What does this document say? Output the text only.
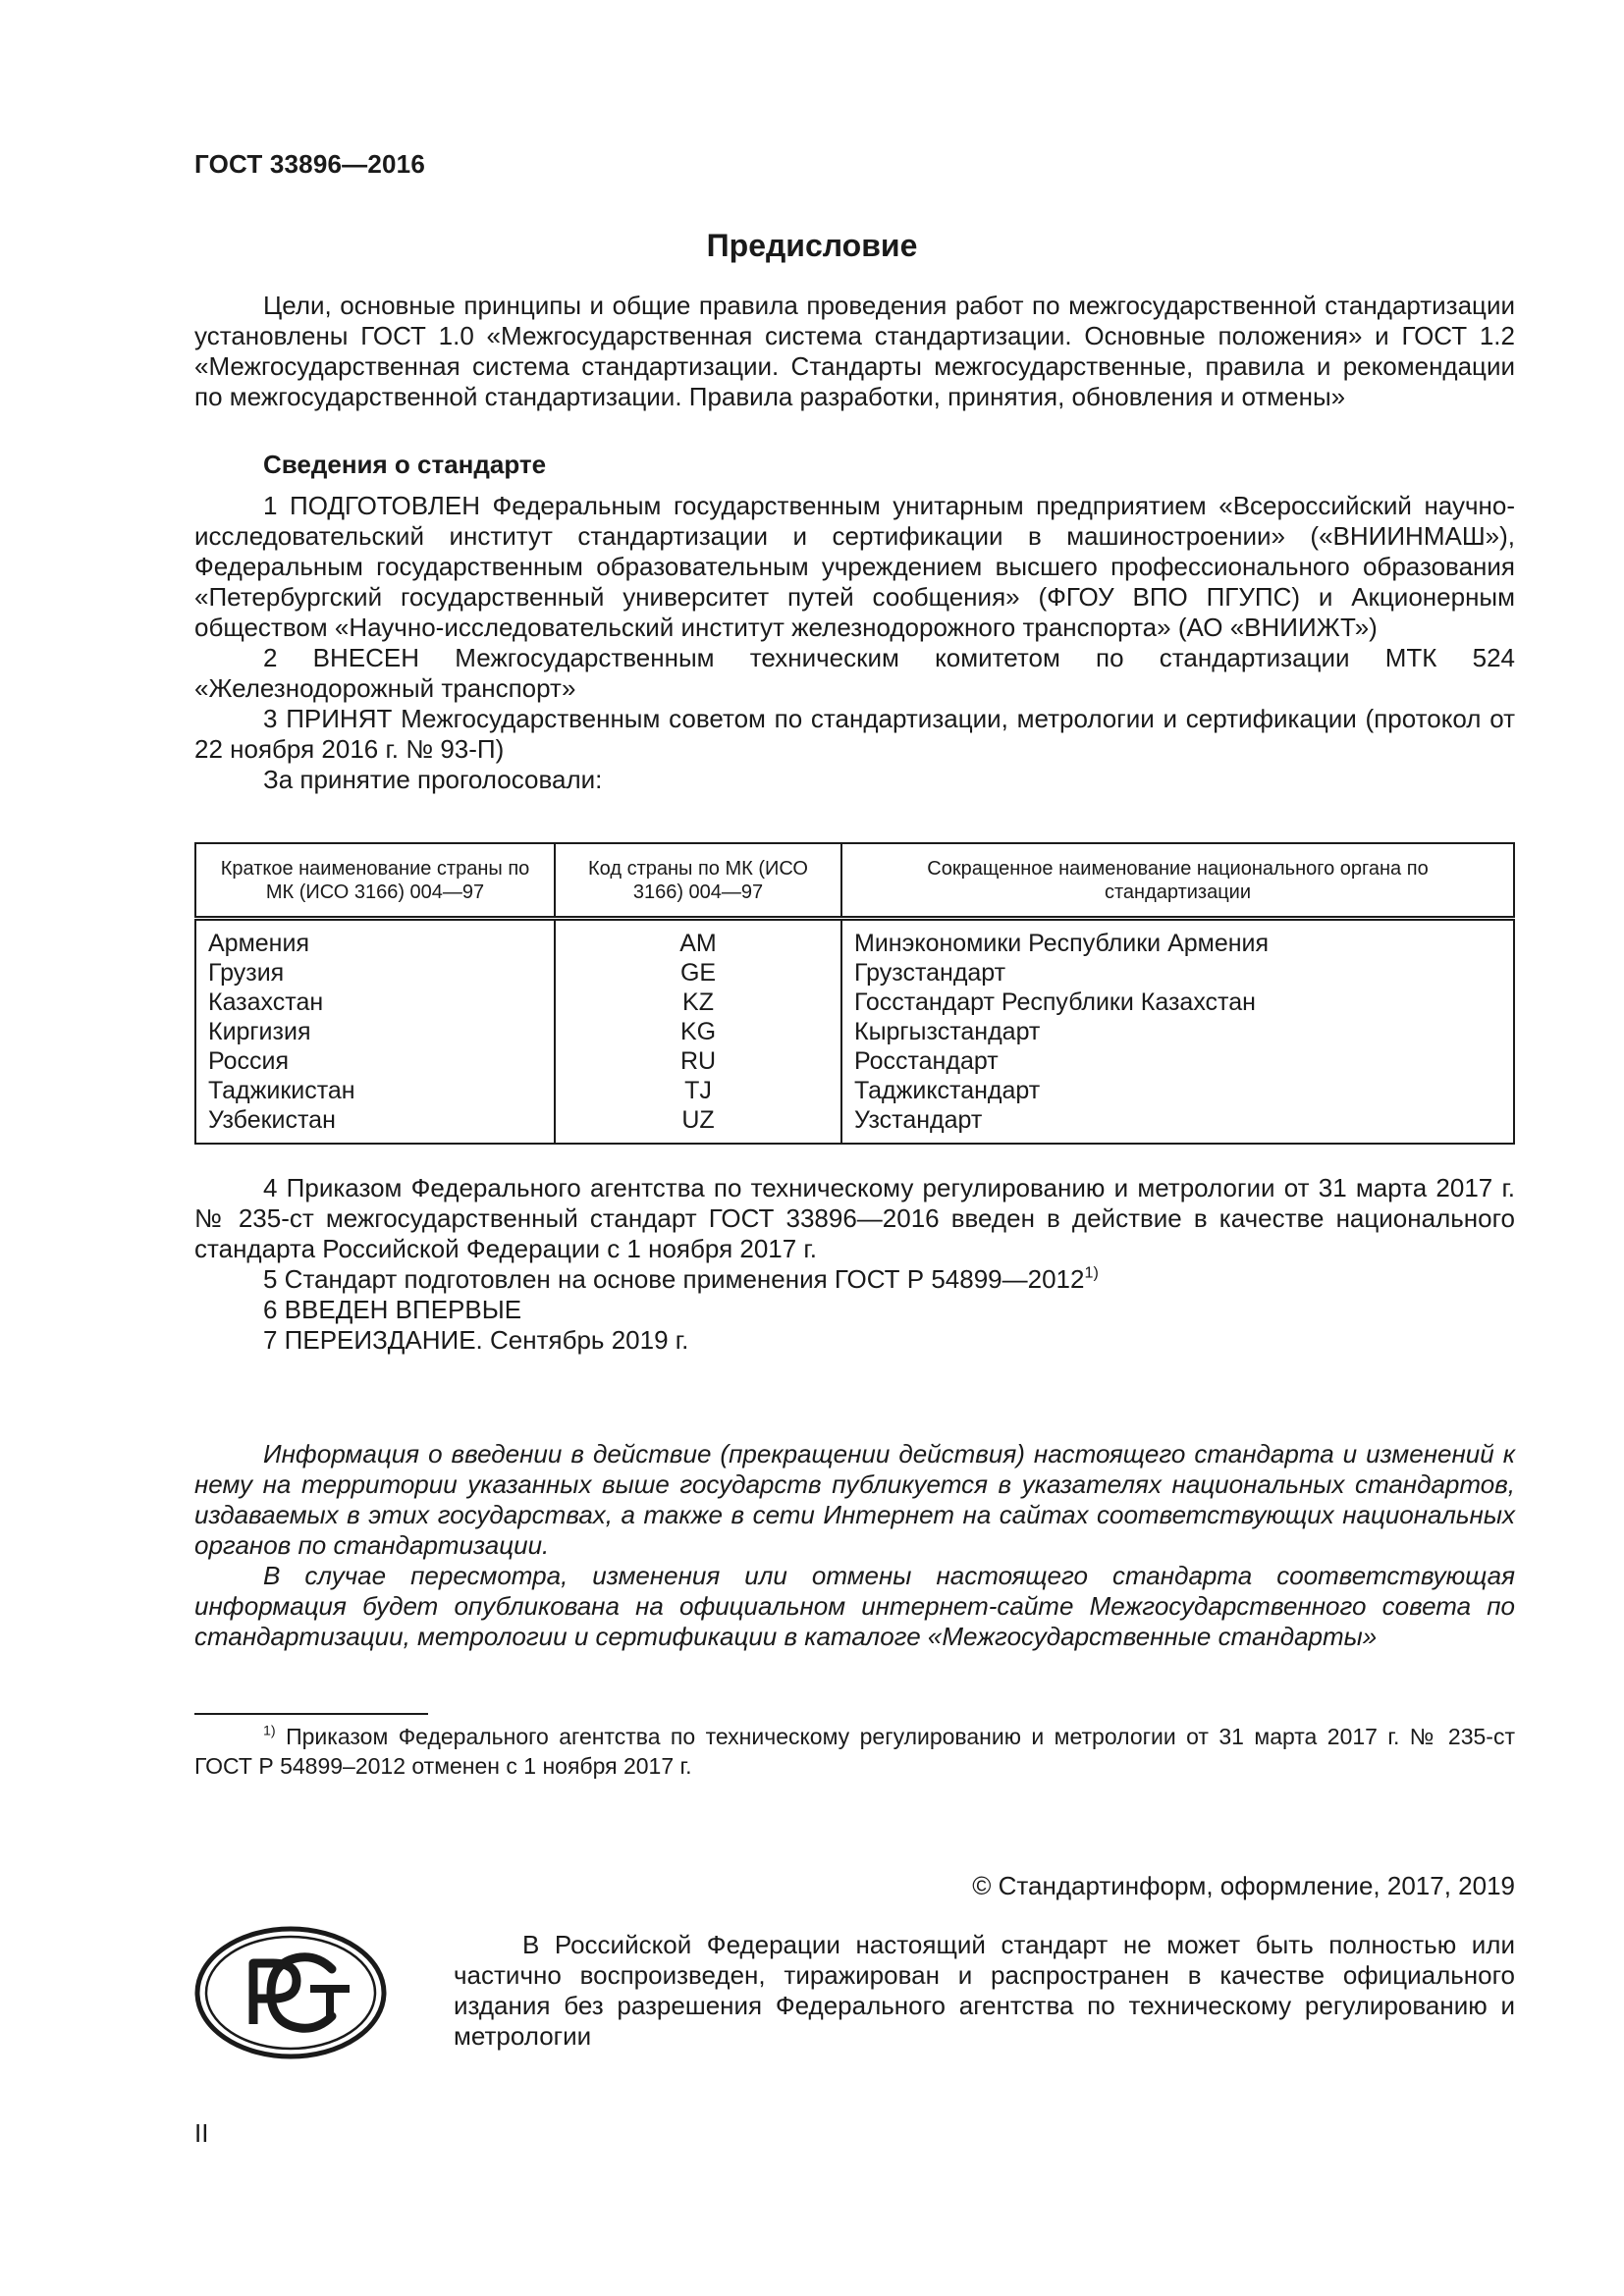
ГОСТ 33896—2016
Предисловие

Цели, основные принципы и общие правила проведения работ по межгосударственной стандартизации установлены ГОСТ 1.0 «Межгосударственная система стандартизации. Основные положения» и ГОСТ 1.2 «Межгосударственная система стандартизации. Стандарты межгосударственные, правила и рекомендации по межгосударственной стандартизации. Правила разработки, принятия, обновления и отмены»

Сведения о стандарте

1 ПОДГОТОВЛЕН Федеральным государственным унитарным предприятием «Всероссийский научно-исследовательский институт стандартизации и сертификации в машиностроении» («ВНИИНМАШ»), Федеральным государственным образовательным учреждением высшего профессионального образования «Петербургский государственный университет путей сообщения» (ФГОУ ВПО ПГУПС) и Акционерным обществом «Научно-исследовательский институт железнодорожного транспорта» (АО «ВНИИЖТ»)

2 ВНЕСЕН Межгосударственным техническим комитетом по стандартизации МТК 524 «Железнодорожный транспорт»

3 ПРИНЯТ Межгосударственным советом по стандартизации, метрологии и сертификации (протокол от 22 ноября 2016 г. № 93-П)

За принятие проголосовали:

Краткое наименование страны по МК (ИСО 3166) 004—97	Код страны по МК (ИСО 3166) 004—97	Сокращенное наименование национального органа по стандартизации
Армения	AM	Минэкономики Республики Армения
Грузия	GE	Грузстандарт
Казахстан	KZ	Госстандарт Республики Казахстан
Киргизия	KG	Кыргызстандарт
Россия	RU	Росстандарт
Таджикистан	TJ	Таджикстандарт
Узбекистан	UZ	Узстандарт

4 Приказом Федерального агентства по техническому регулированию и метрологии от 31 марта 2017 г. № 235-ст межгосударственный стандарт ГОСТ 33896—2016 введен в действие в качестве национального стандарта Российской Федерации с 1 ноября 2017 г.

5 Стандарт подготовлен на основе применения ГОСТ Р 54899—2012$^{1)}$

6 ВВЕДЕН ВПЕРВЫЕ

7 ПЕРЕИЗДАНИЕ. Сентябрь 2019 г.

Информация о введении в действие (прекращении действия) настоящего стандарта и изменений к нему на территории указанных выше государств публикуется в указателях национальных стандартов, издаваемых в этих государствах, а также в сети Интернет на сайтах соответствующих национальных органов по стандартизации.

В случае пересмотра, изменения или отмены настоящего стандарта соответствующая информация будет опубликована на официальном интернет-сайте Межгосударственного совета по стандартизации, метрологии и сертификации в каталоге «Межгосударственные стандарты»

$^{1)}$ Приказом Федерального агентства по техническому регулированию и метрологии от 31 марта 2017 г. № 235-ст ГОСТ Р 54899–2012 отменен с 1 ноября 2017 г.

© Стандартинформ, оформление, 2017, 2019

В Российской Федерации настоящий стандарт не может быть полностью или частично воспроизведен, тиражирован и распространен в качестве официального издания без разрешения Федерального агентства по техническому регулированию и метрологии

II
